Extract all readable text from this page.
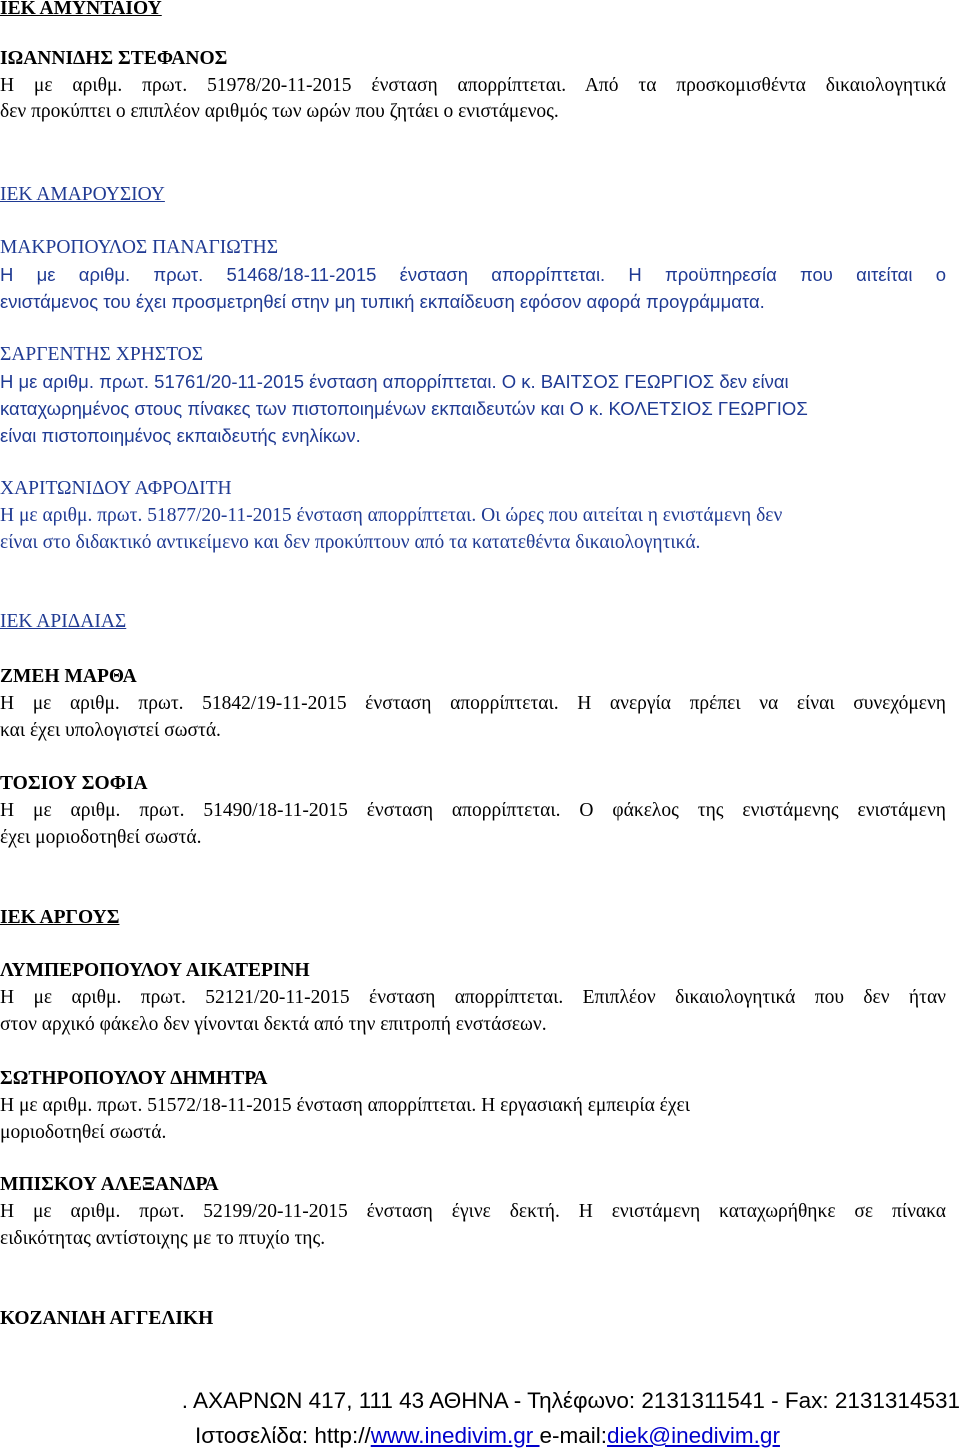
ΙΕΚ ΑΜΥΝΤΑΙΟΥ
ΙΩΑΝΝΙΔΗΣ ΣΤΕΦΑΝΟΣ
Η με αριθμ. πρωτ. 51978/20-11-2015 ένσταση απορρίπτεται. Από τα προσκομισθέντα δικαιολογητικά
δεν προκύπτει ο επιπλέον αριθμός των ωρών που ζητάει ο ενιστάμενος.
ΙΕΚ ΑΜΑΡΟΥΣΙΟΥ
ΜΑΚΡΟΠΟΥΛΟΣ ΠΑΝΑΓΙΩΤΗΣ
Η με αριθμ. πρωτ. 51468/18-11-2015 ένσταση απορρίπτεται. Η προϋπηρεσία που αιτείται ο
ενιστάμενος του έχει προσμετρηθεί στην μη τυπική εκπαίδευση εφόσον αφορά προγράμματα.
ΣΑΡΓΕΝΤΗΣ ΧΡΗΣΤΟΣ
Η με αριθμ. πρωτ. 51761/20-11-2015 ένσταση απορρίπτεται. Ο κ. ΒΑΙΤΣΟΣ ΓΕΩΡΓΙΟΣ δεν είναι
καταχωρημένος στους πίνακες των πιστοποιημένων εκπαιδευτών και Ο κ. ΚΟΛΕΤΣΙΟΣ ΓΕΩΡΓΙΟΣ
είναι πιστοποιημένος εκπαιδευτής ενηλίκων.
ΧΑΡΙΤΩΝΙΔΟΥ ΑΦΡΟΔΙΤΗ
Η με αριθμ. πρωτ. 51877/20-11-2015 ένσταση απορρίπτεται. Οι ώρες που αιτείται η ενιστάμενη δεν
είναι στο διδακτικό αντικείμενο και δεν προκύπτουν από τα κατατεθέντα δικαιολογητικά.
ΙΕΚ ΑΡΙΔΑΙΑΣ
ΖΜΕΗ ΜΑΡΘΑ
Η με αριθμ. πρωτ. 51842/19-11-2015 ένσταση απορρίπτεται. Η ανεργία πρέπει να είναι συνεχόμενη
και έχει υπολογιστεί σωστά.
ΤΟΣΙΟΥ ΣΟΦΙΑ
Η με αριθμ. πρωτ. 51490/18-11-2015 ένσταση απορρίπτεται. Ο φάκελος της ενιστάμενης ενιστάμενη
έχει μοριοδοτηθεί σωστά.
ΙΕΚ ΑΡΓΟΥΣ
ΛΥΜΠΕΡΟΠΟΥΛΟΥ ΑΙΚΑΤΕΡΙΝΗ
Η με αριθμ. πρωτ. 52121/20-11-2015 ένσταση απορρίπτεται. Επιπλέον δικαιολογητικά που δεν ήταν
στον αρχικό φάκελο δεν γίνονται δεκτά από την επιτροπή ενστάσεων.
ΣΩΤΗΡΟΠΟΥΛΟΥ ΔΗΜΗΤΡΑ
Η με αριθμ. πρωτ. 51572/18-11-2015 ένσταση απορρίπτεται. Η εργασιακή εμπειρία έχει
μοριοδοτηθεί σωστά.
ΜΠΙΣΚΟΥ ΑΛΕΞΑΝΔΡΑ
Η με αριθμ. πρωτ. 52199/20-11-2015 ένσταση έγινε δεκτή. Η ενιστάμενη καταχωρήθηκε σε πίνακα
ειδικότητας αντίστοιχης με το πτυχίο της.
ΚΟΖΑΝΙΔΗ ΑΓΓΕΛΙΚΗ
. ΑΧΑΡΝΩΝ 417, 111 43 ΑΘΗΝΑ - Τηλέφωνο: 2131311541 - Fax: 2131314531
Ιστοσελίδα: http://www.inedivim.gr e-mail:diek@inedivim.gr
